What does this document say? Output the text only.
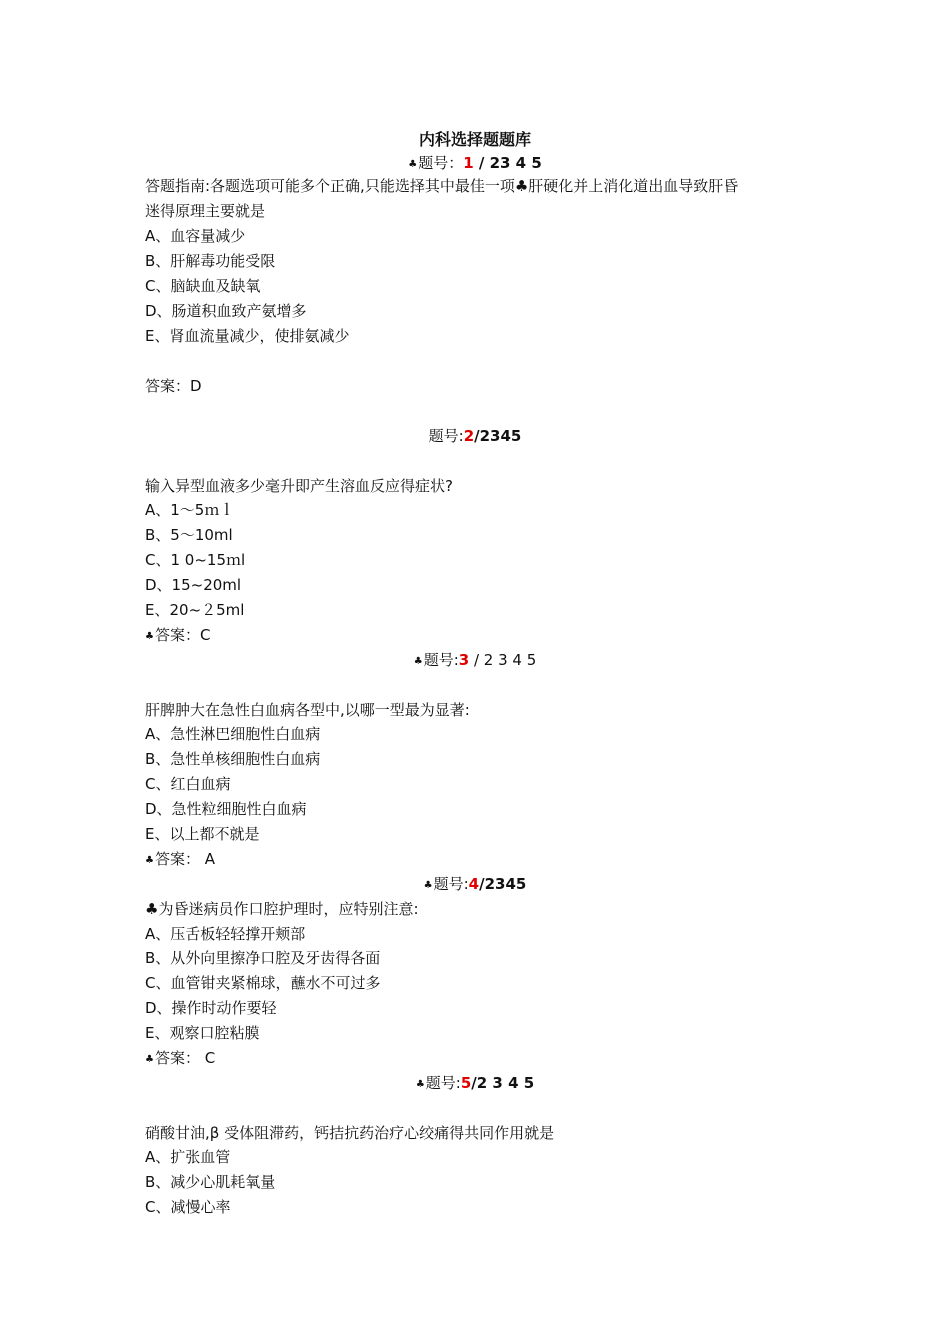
内科选择题题库
♣题号：1 / 23 4 5
答题指南:各题选项可能多个正确,只能选择其中最佳一项♣肝硬化并上消化道出血导致肝昏
迷得原理主要就是
A、血容量减少
B、肝解毒功能受限
C、脑缺血及缺氧
D、肠道积血致产氨增多
E、肾血流量减少，使排氨减少
答案：D
题号:2/2345
输入异型血液多少毫升即产生溶血反应得症状?
A、1～5ｍｌ
B、5～10ml
C、1 0~15ｍl
D、15~20ml
E、20~２5ml
♣答案：C
♣题号:3 / 2 3 4 5
肝脾肿大在急性白血病各型中,以哪一型最为显著:
A、急性淋巴细胞性白血病
B、急性单核细胞性白血病
C、红白血病
D、急性粒细胞性白血病
E、以上都不就是
♣答案： A
♣题号:4/2345
♣为昏迷病员作口腔护理时，应特别注意:
A、压舌板轻轻撑开颊部
B、从外向里擦净口腔及牙齿得各面
C、血管钳夹紧棉球，蘸水不可过多
D、操作时动作要轻
E、观察口腔粘膜
♣答案： C
♣题号:5/2 3 4 5
硝酸甘油,β 受体阻滞药，钙拮抗药治疗心绞痛得共同作用就是
A、扩张血管
B、减少心肌耗氧量
C、减慢心率
